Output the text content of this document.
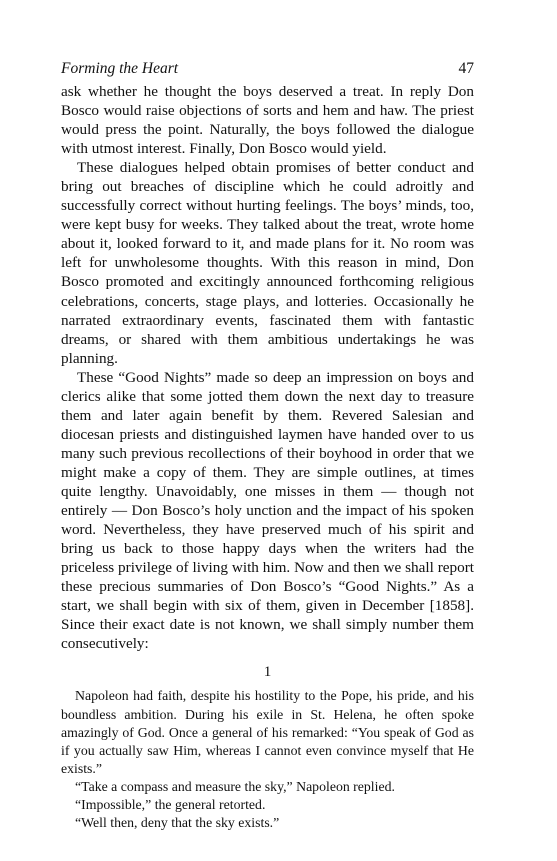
Forming the Heart	47

ask whether he thought the boys deserved a treat. In reply Don Bosco would raise objections of sorts and hem and haw. The priest would press the point. Naturally, the boys followed the dialogue with utmost interest. Finally, Don Bosco would yield.

These dialogues helped obtain promises of better conduct and bring out breaches of discipline which he could adroitly and successfully correct without hurting feelings. The boys’ minds, too, were kept busy for weeks. They talked about the treat, wrote home about it, looked forward to it, and made plans for it. No room was left for unwholesome thoughts. With this reason in mind, Don Bosco promoted and excitingly announced forthcoming religious celebrations, concerts, stage plays, and lotteries. Occasionally he narrated extraordinary events, fascinated them with fantastic dreams, or shared with them ambitious undertakings he was planning.

These “Good Nights” made so deep an impression on boys and clerics alike that some jotted them down the next day to treasure them and later again benefit by them. Revered Salesian and diocesan priests and distinguished laymen have handed over to us many such previous recollections of their boyhood in order that we might make a copy of them. They are simple outlines, at times quite lengthy. Unavoidably, one misses in them — though not entirely — Don Bosco’s holy unction and the impact of his spoken word. Nevertheless, they have preserved much of his spirit and bring us back to those happy days when the writers had the priceless privilege of living with him. Now and then we shall report these precious summaries of Don Bosco’s “Good Nights.” As a start, we shall begin with six of them, given in December [1858]. Since their exact date is not known, we shall simply number them consecutively:

1

Napoleon had faith, despite his hostility to the Pope, his pride, and his boundless ambition. During his exile in St. Helena, he often spoke amazingly of God. Once a general of his remarked: “You speak of God as if you actually saw Him, whereas I cannot even convince myself that He exists.”

“Take a compass and measure the sky,” Napoleon replied.

“Impossible,” the general retorted.

“Well then, deny that the sky exists.”
